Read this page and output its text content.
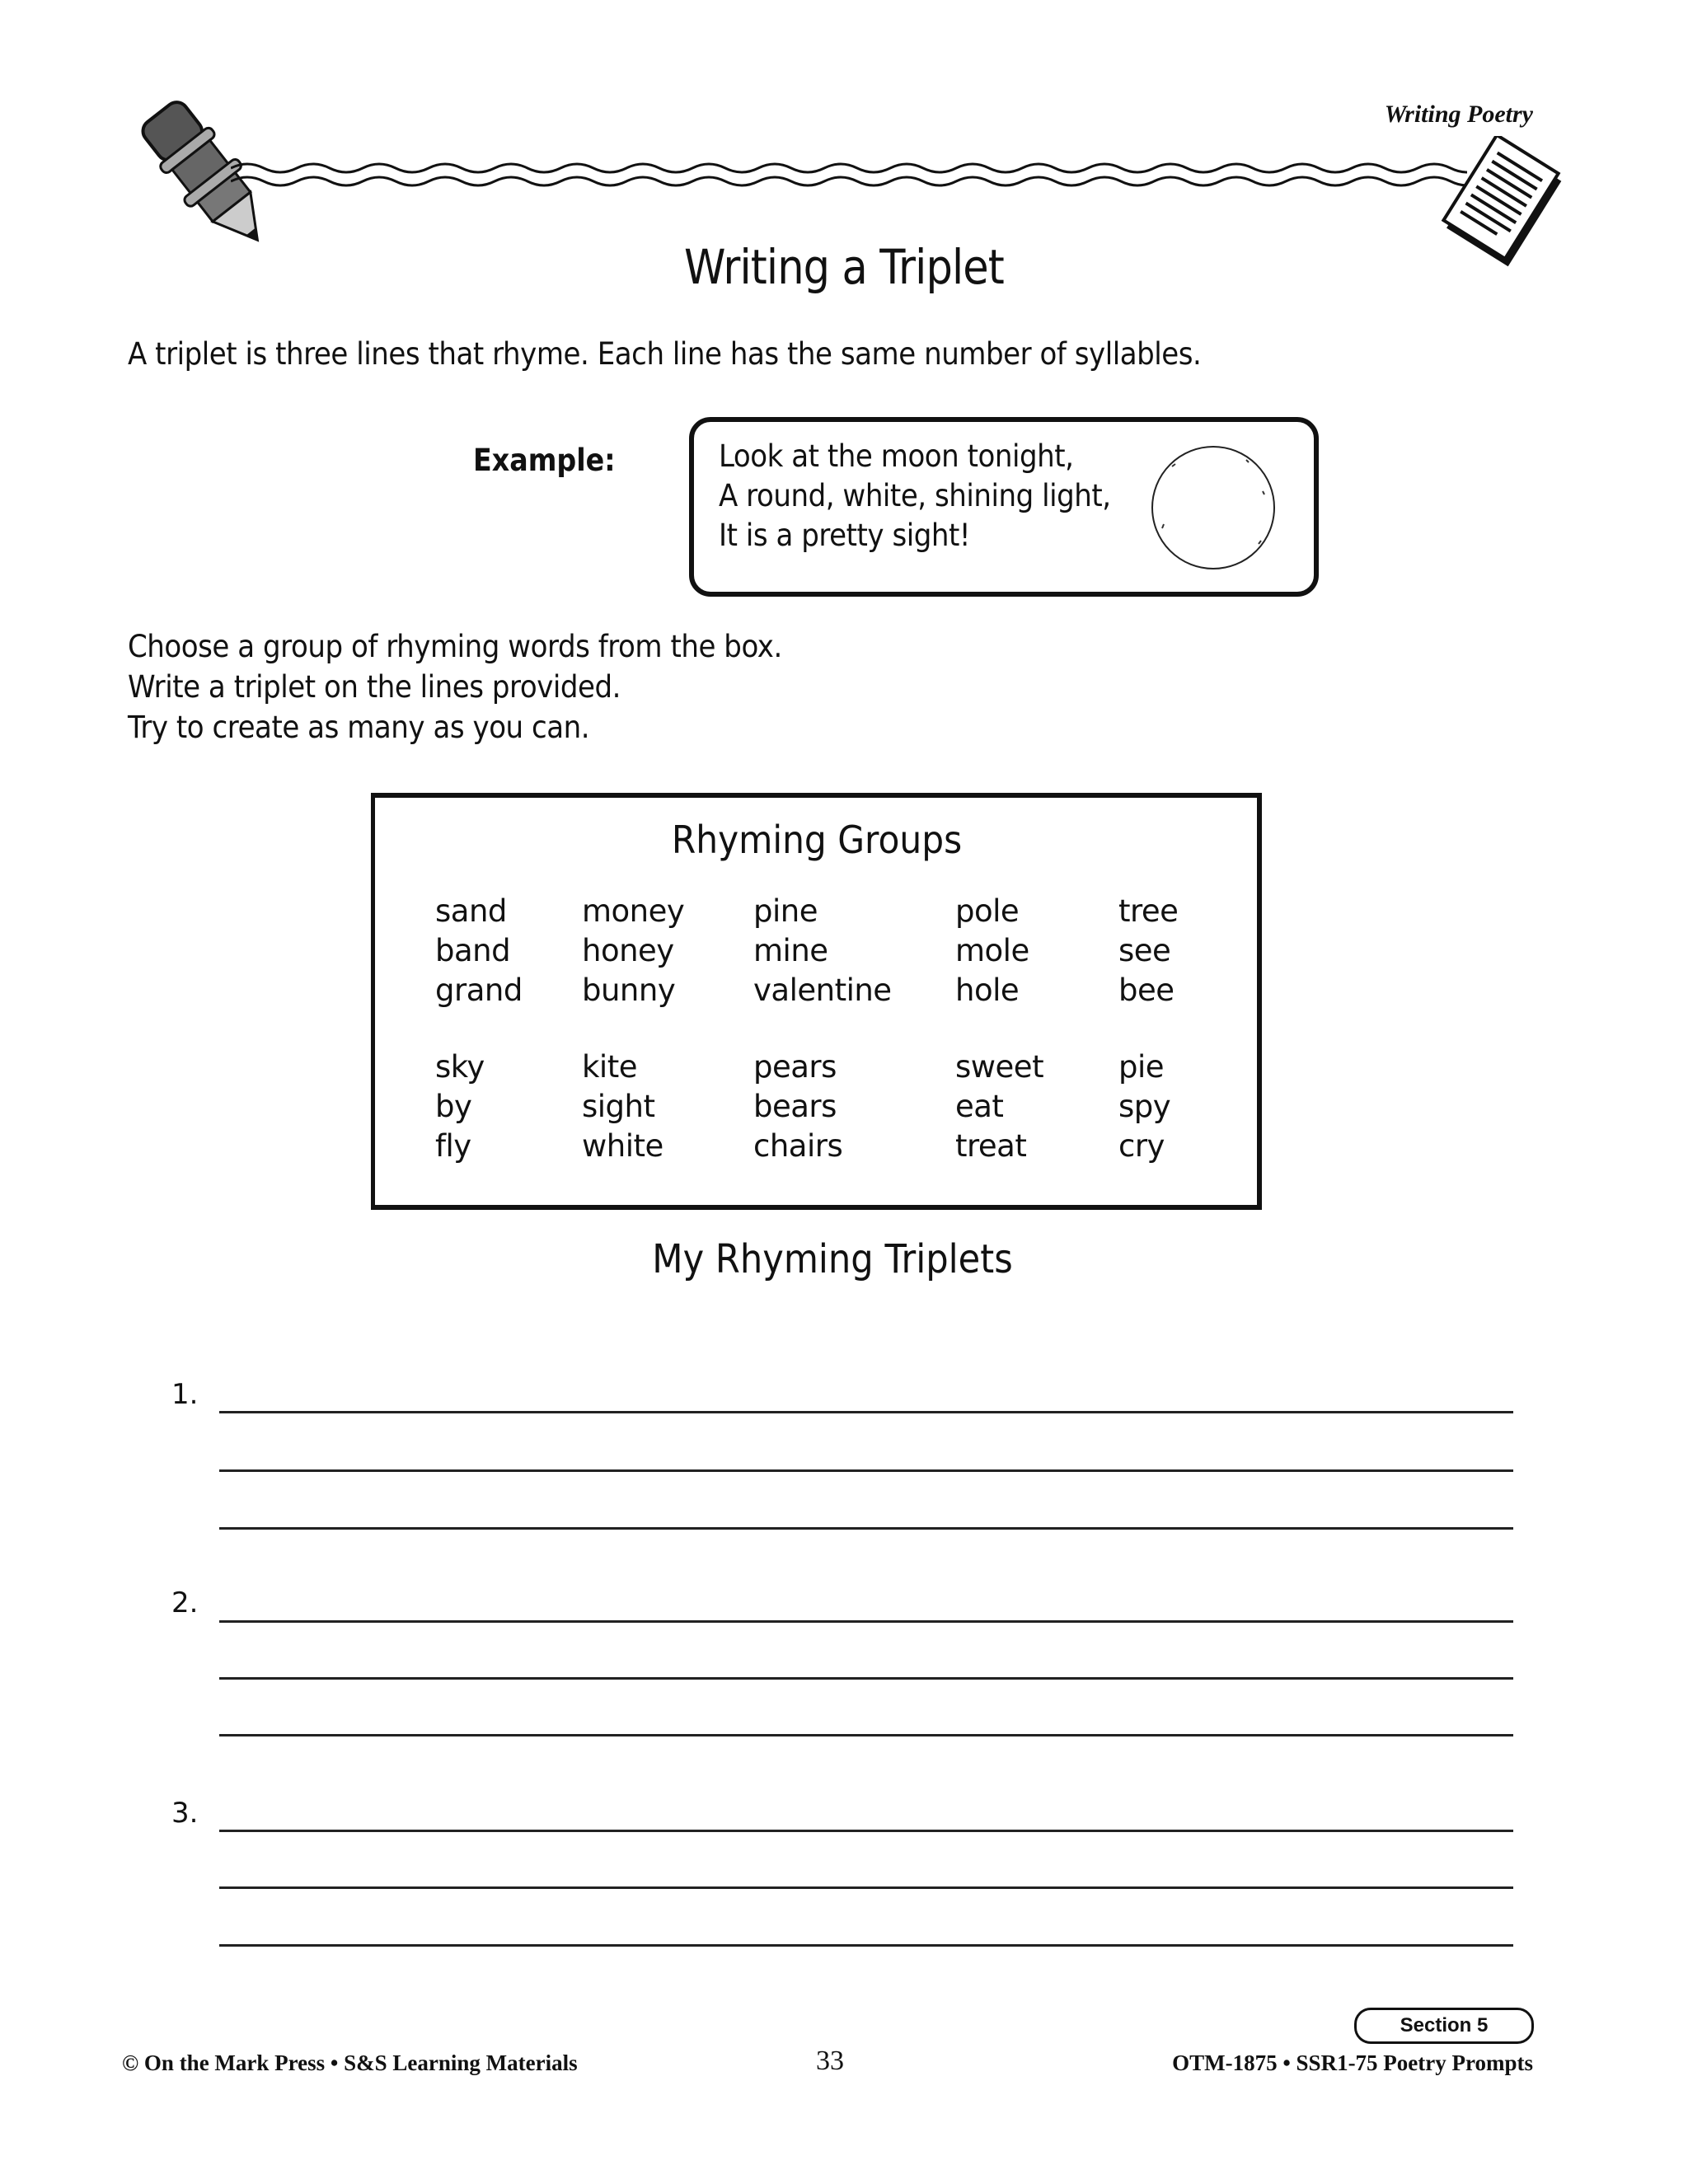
Writing Poetry
Writing a Triplet
A triplet is three lines that rhyme. Each line has the same number of syllables.
Example:	Look at the moon tonight,
A round, white, shining light,
It is a pretty sight!
Choose a group of rhyming words from the box.
Write a triplet on the lines provided.
Try to create as many as you can.
Rhyming Groups
sand	money	pine	pole	tree
band	honey	mine	mole	see
grand	bunny	valentine	hole	bee
sky	kite	pears	sweet	pie
by	sight	bears	eat	spy
fly	white	chairs	treat	cry
My Rhyming Triplets
1.
2.
3.
Section 5
© On the Mark Press • S&S Learning Materials	33	OTM-1875 • SSR1-75 Poetry Prompts
